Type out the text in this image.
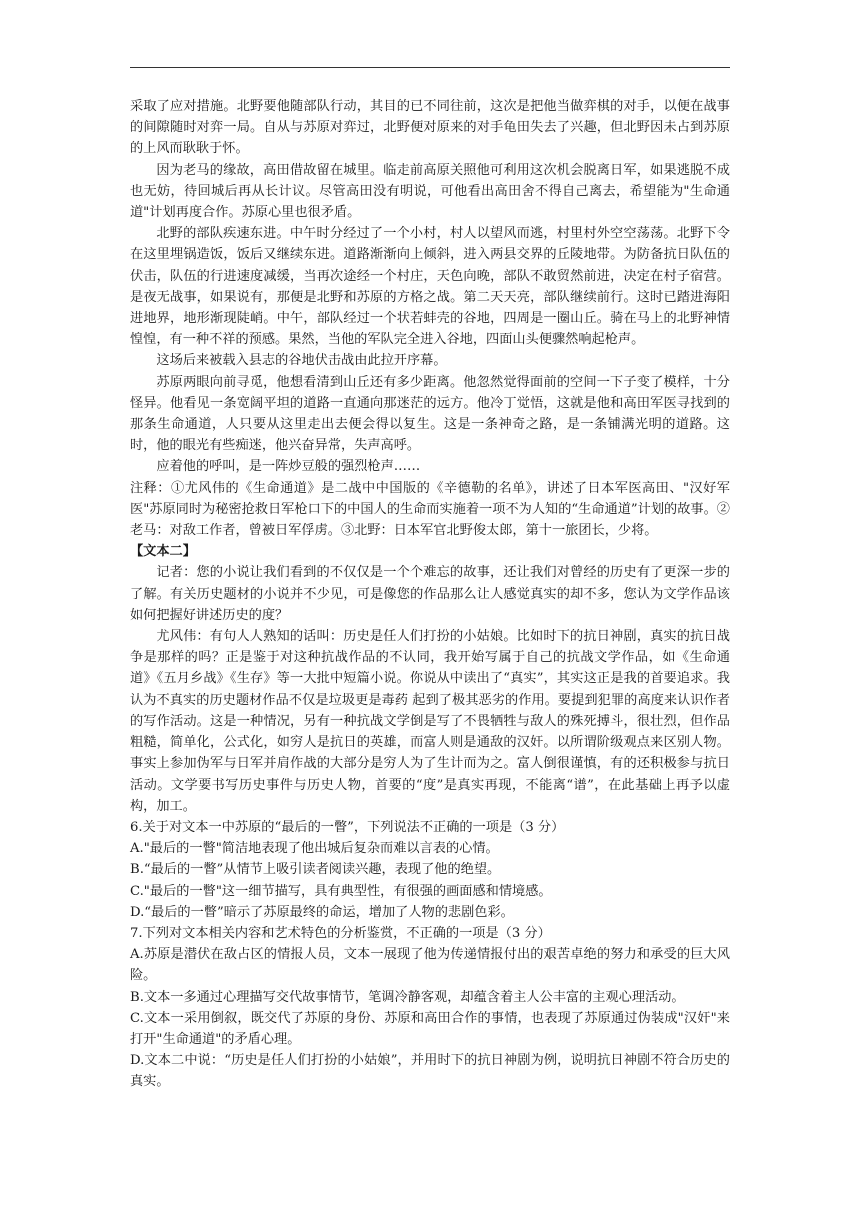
采取了应对措施。北野要他随部队行动，其目的已不同往前，这次是把他当做弈棋的对手，以便在战事的间隙随时对弈一局。自从与苏原对弈过，北野便对原来的对手龟田失去了兴趣，但北野因未占到苏原的上风而耿耿于怀。

因为老马的缘故，高田借故留在城里。临走前高原关照他可利用这次机会脱离日军，如果逃脱不成也无妨，待回城后再从长计议。尽管高田没有明说，可他看出高田舍不得自己离去，希望能为"生命通道"计划再度合作。苏原心里也很矛盾。

北野的部队疾速东进。中午时分经过了一个小村，村人以望风而逃，村里村外空空荡荡。北野下令在这里埋锅造饭，饭后又继续东进。道路渐渐向上倾斜，进入两县交界的丘陵地带。为防备抗日队伍的伏击，队伍的行进速度减缓，当再次途经一个村庄，天色向晚，部队不敢贸然前进，决定在村子宿营。是夜无战事，如果说有，那便是北野和苏原的方格之战。第二天天亮，部队继续前行。这时已踏进海阳进地界，地形渐现陡峭。中午，部队经过一个状若蚌壳的谷地，四周是一圈山丘。骑在马上的北野神情惶惶，有一种不祥的预感。果然，当他的军队完全进入谷地，四面山头便骤然响起枪声。

这场后来被载入县志的谷地伏击战由此拉开序幕。

苏原两眼向前寻觅，他想看清到山丘还有多少距离。他忽然觉得面前的空间一下子变了模样，十分怪异。他看见一条宽阔平坦的道路一直通向那迷茫的远方。他冷丁觉悟，这就是他和高田军医寻找到的那条生命通道，人只要从这里走出去便会得以复生。这是一条神奇之路，是一条铺满光明的道路。这时，他的眼光有些痴迷，他兴奋异常，失声高呼。

应着他的呼叫，是一阵炒豆般的强烈枪声……

注释：①尤风伟的《生命通道》是二战中中国版的《辛德勒的名单》，讲述了日本军医高田、"汉好军医"苏原同时为秘密抢救日军枪口下的中国人的生命而实施着一项不为人知的“生命通道”计划的故事。②老马：对敌工作者，曾被日军俘虏。③北野：日本军官北野俊太郎，第十一旅团长，少将。

【文本二】

记者：您的小说让我们看到的不仅仅是一个个难忘的故事，还让我们对曾经的历史有了更深一步的了解。有关历史题材的小说并不少见，可是像您的作品那么让人感觉真实的却不多，您认为文学作品该如何把握好讲述历史的度？

尤风伟：有句人人熟知的话叫：历史是任人们打扮的小姑娘。比如时下的抗日神剧，真实的抗日战争是那样的吗？正是鉴于对这种抗战作品的不认同，我开始写属于自己的抗战文学作品，如《生命通道》《五月乡战》《生存》等一大批中短篇小说。你说从中读出了“真实”，其实这正是我的首要追求。我认为不真实的历史题材作品不仅是垃圾更是毒药 起到了极其恶劣的作用。要提到犯罪的高度来认识作者的写作活动。这是一种情况，另有一种抗战文学倒是写了不畏牺牲与敌人的殊死搏斗，很壮烈，但作品粗糙，简单化，公式化，如穷人是抗日的英雄，而富人则是通敌的汉奸。以所谓阶级观点来区别人物。事实上参加伪军与日军并肩作战的大部分是穷人为了生计而为之。富人倒很谨慎，有的还积极参与抗日活动。文学要书写历史事件与历史人物，首要的“度”是真实再现，不能离“谱”，在此基础上再予以虚构，加工。

6.关于对文本一中苏原的“最后的一瞥”，下列说法不正确的一项是（3 分）

A."最后的一瞥"简洁地表现了他出城后复杂而难以言表的心情。

B.“最后的一瞥”从情节上吸引读者阅读兴趣，表现了他的绝望。

C."最后的一瞥"这一细节描写，具有典型性，有很强的画面感和情境感。

D.“最后的一瞥”暗示了苏原最终的命运，增加了人物的悲剧色彩。

7.下列对文本相关内容和艺术特色的分析鉴赏，不正确的一项是（3 分）

A.苏原是潜伏在敌占区的情报人员，文本一展现了他为传递情报付出的艰苦卓绝的努力和承受的巨大风险。

B.文本一多通过心理描写交代故事情节，笔调冷静客观，却蕴含着主人公丰富的主观心理活动。

C.文本一采用倒叙，既交代了苏原的身份、苏原和高田合作的事情，也表现了苏原通过伪装成"汉奸"来打开"生命通道"的矛盾心理。

D.文本二中说：“历史是任人们打扮的小姑娘”，并用时下的抗日神剧为例，说明抗日神剧不符合历史的真实。
